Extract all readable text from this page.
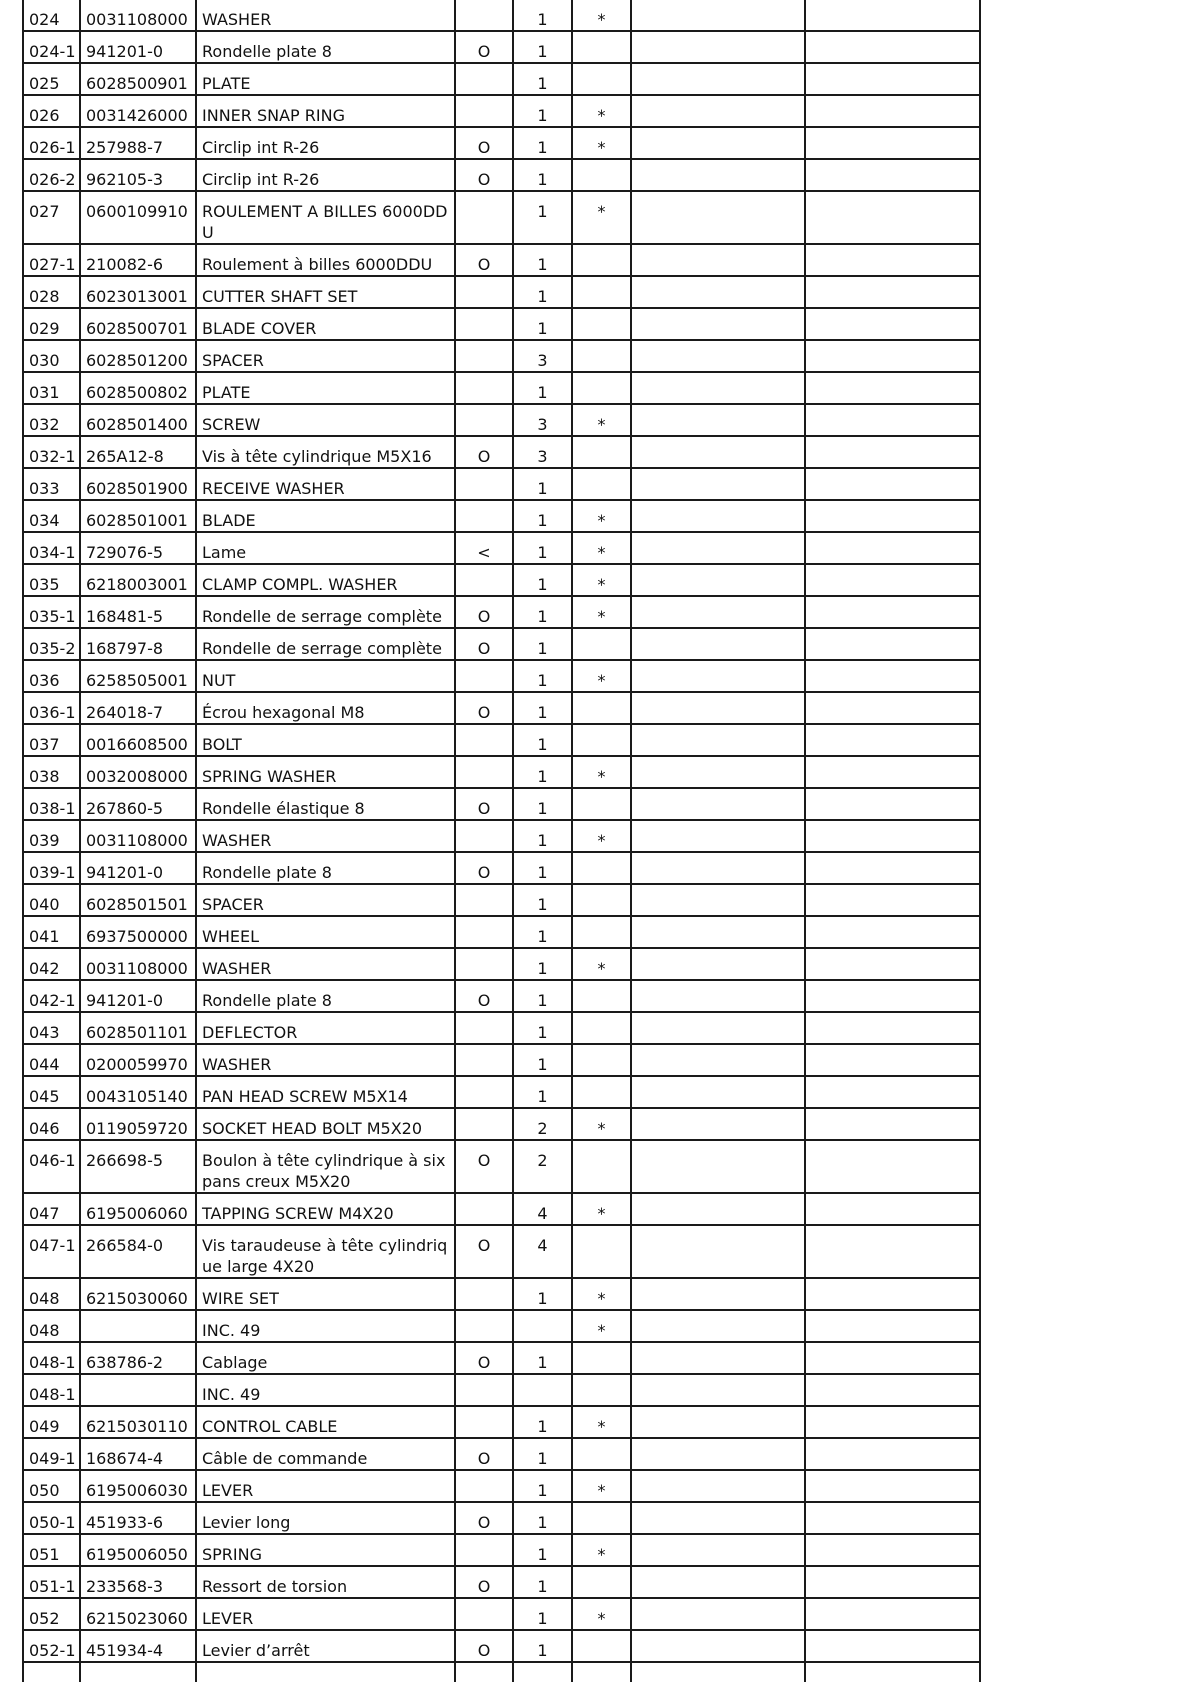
024	0031108000	WASHER		1	*		
024-1	941201-0	Rondelle plate 8	O	1			
025	6028500901	PLATE		1			
026	0031426000	INNER SNAP RING		1	*		
026-1	257988-7	Circlip int R-26	O	1	*		
026-2	962105-3	Circlip int R-26	O	1			
027	0600109910	ROULEMENT A BILLES 6000DDU		1	*		
027-1	210082-6	Roulement à billes 6000DDU	O	1			
028	6023013001	CUTTER SHAFT SET		1			
029	6028500701	BLADE COVER		1			
030	6028501200	SPACER		3			
031	6028500802	PLATE		1			
032	6028501400	SCREW		3	*		
032-1	265A12-8	Vis à tête cylindrique M5X16	O	3			
033	6028501900	RECEIVE WASHER		1			
034	6028501001	BLADE		1	*		
034-1	729076-5	Lame	<	1	*		
035	6218003001	CLAMP COMPL. WASHER		1	*		
035-1	168481-5	Rondelle de serrage complète	O	1	*		
035-2	168797-8	Rondelle de serrage complète	O	1			
036	6258505001	NUT		1	*		
036-1	264018-7	Écrou hexagonal M8	O	1			
037	0016608500	BOLT		1			
038	0032008000	SPRING WASHER		1	*		
038-1	267860-5	Rondelle élastique 8	O	1			
039	0031108000	WASHER		1	*		
039-1	941201-0	Rondelle plate 8	O	1			
040	6028501501	SPACER		1			
041	6937500000	WHEEL		1			
042	0031108000	WASHER		1	*		
042-1	941201-0	Rondelle plate 8	O	1			
043	6028501101	DEFLECTOR		1			
044	0200059970	WASHER		1			
045	0043105140	PAN HEAD SCREW M5X14		1			
046	0119059720	SOCKET HEAD BOLT M5X20		2	*		
046-1	266698-5	Boulon à tête cylindrique à six pans creux M5X20	O	2			
047	6195006060	TAPPING SCREW M4X20		4	*		
047-1	266584-0	Vis taraudeuse à tête cylindrique large 4X20	O	4			
048	6215030060	WIRE SET		1	*		
048		INC. 49			*		
048-1	638786-2	Cablage	O	1			
048-1		INC. 49					
049	6215030110	CONTROL CABLE		1	*		
049-1	168674-4	Câble de commande	O	1			
050	6195006030	LEVER		1	*		
050-1	451933-6	Levier long	O	1			
051	6195006050	SPRING		1	*		
051-1	233568-3	Ressort de torsion	O	1			
052	6215023060	LEVER		1	*		
052-1	451934-4	Levier d’arrêt	O	1			
